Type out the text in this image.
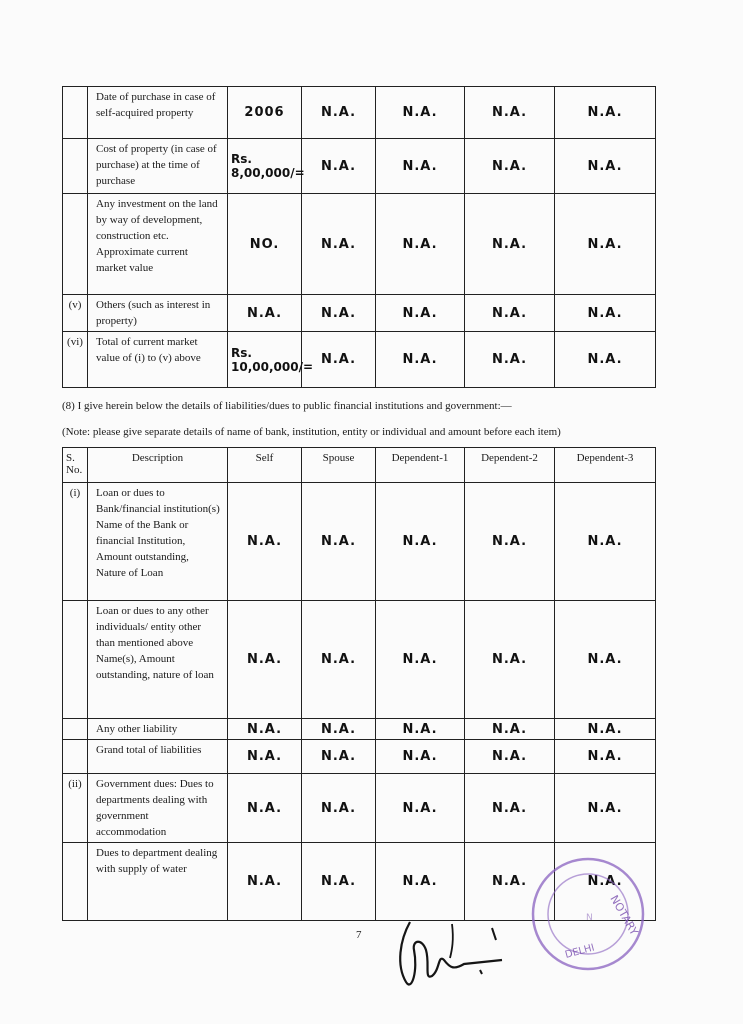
	Date of purchase in case of self-acquired property	2006	N.A.	N.A.	N.A.	N.A.
	Cost of property (in case of purchase) at the time of purchase	Rs. 8,00,000/=	N.A.	N.A.	N.A.	N.A.
	Any investment on the land by way of development, construction etc. Approximate current market value	NO.	N.A.	N.A.	N.A.	N.A.
(v)	Others (such as interest in property)	N.A.	N.A.	N.A.	N.A.	N.A.
(vi)	Total of current market value of (i) to (v) above	Rs. 10,00,000/=	N.A.	N.A.	N.A.	N.A.
(8) I give herein below the details of liabilities/dues to public financial institutions and government:—
(Note: please give separate details of name of bank, institution, entity or individual and amount before each item)
S. No.	Description	Self	Spouse	Dependent-1	Dependent-2	Dependent-3
(i)	Loan or dues to Bank/financial institution(s) Name of the Bank or financial Institution, Amount outstanding, Nature of Loan	N.A.	N.A.	N.A.	N.A.	N.A.
	Loan or dues to any other individuals/ entity other than mentioned above Name(s), Amount outstanding, nature of loan	N.A.	N.A.	N.A.	N.A.	N.A.
	Any other liability	N.A.	N.A.	N.A.	N.A.	N.A.
	Grand total of liabilities	N.A.	N.A.	N.A.	N.A.	N.A.
(ii)	Government dues: Dues to departments dealing with government accommodation	N.A.	N.A.	N.A.	N.A.	N.A.
	Dues to department dealing with supply of water	N.A.	N.A.	N.A.	N.A.	N.A.
7	NOTARY
DELHI
N
